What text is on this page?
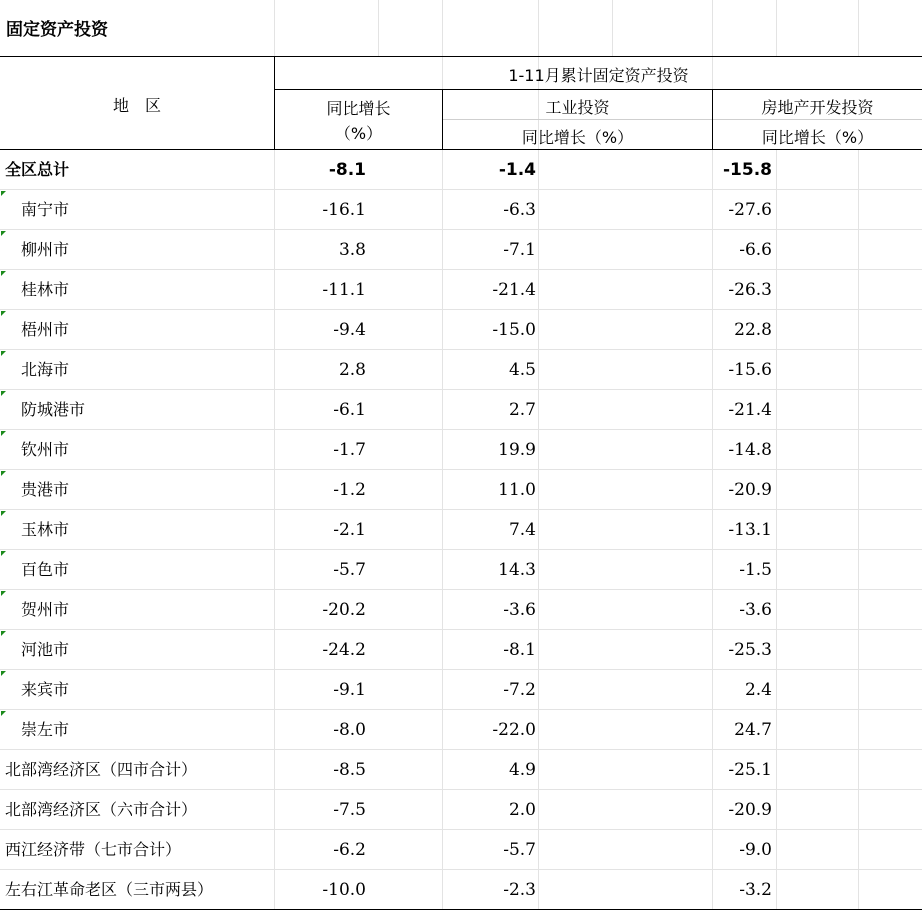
固定资产投资
地　区
1-11月累计固定资产投资
同比增长
（%）
工业投资
同比增长（%）
房地产开发投资
同比增长（%）
全区总计	-8.1	-1.4	-15.8
南宁市	-16.1	-6.3	-27.6
柳州市	3.8	-7.1	-6.6
桂林市	-11.1	-21.4	-26.3
梧州市	-9.4	-15.0	22.8
北海市	2.8	4.5	-15.6
防城港市	-6.1	2.7	-21.4
钦州市	-1.7	19.9	-14.8
贵港市	-1.2	11.0	-20.9
玉林市	-2.1	7.4	-13.1
百色市	-5.7	14.3	-1.5
贺州市	-20.2	-3.6	-3.6
河池市	-24.2	-8.1	-25.3
来宾市	-9.1	-7.2	2.4
崇左市	-8.0	-22.0	24.7
北部湾经济区（四市合计）	-8.5	4.9	-25.1
北部湾经济区（六市合计）	-7.5	2.0	-20.9
西江经济带（七市合计）	-6.2	-5.7	-9.0
左右江革命老区（三市两县）	-10.0	-2.3	-3.2
